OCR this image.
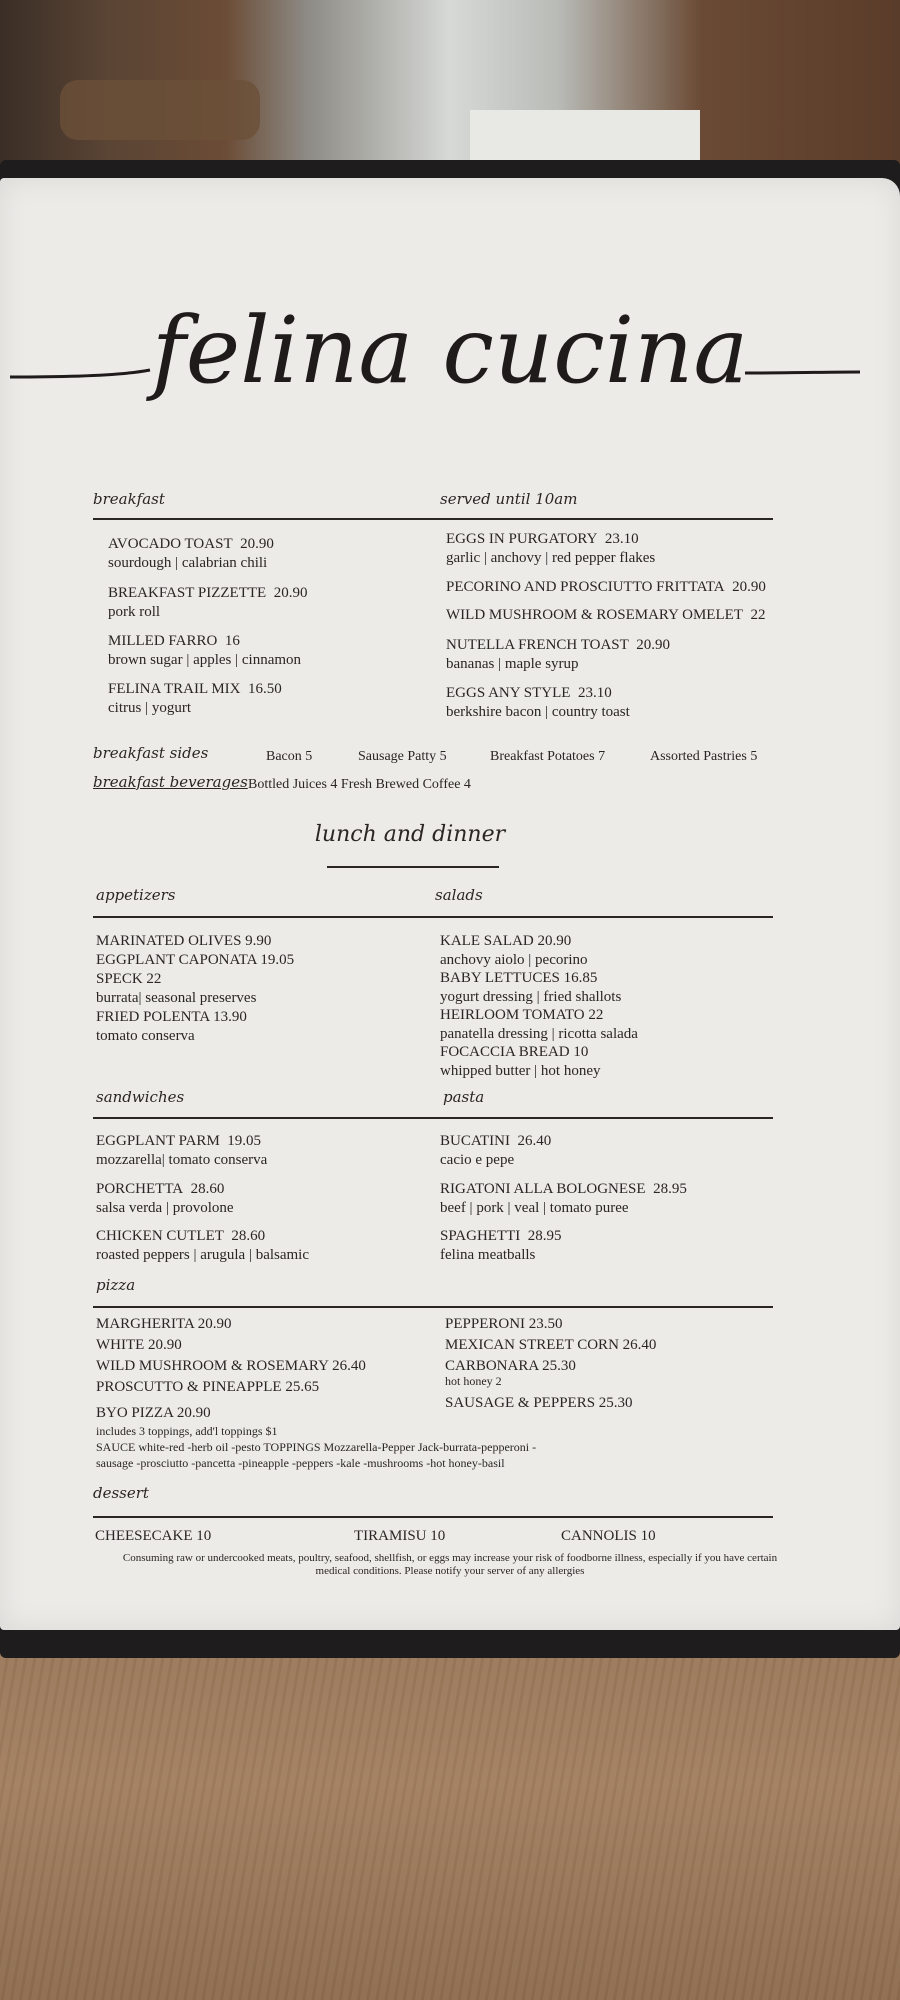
felina cucina
breakfast	served until 10am
AVOCADO TOAST 20.90
sourdough | calabrian chili
BREAKFAST PIZZETTE 20.90
pork roll
MILLED FARRO 16
brown sugar | apples | cinnamon
FELINA TRAIL MIX 16.50
citrus | yogurt
EGGS IN PURGATORY 23.10
garlic | anchovy | red pepper flakes
PECORINO AND PROSCIUTTO FRITTATA 20.90
WILD MUSHROOM & ROSEMARY OMELET 22
NUTELLA FRENCH TOAST 20.90
bananas | maple syrup
EGGS ANY STYLE 23.10
berkshire bacon | country toast
breakfast sides	Bacon 5	Sausage Patty 5	Breakfast Potatoes 7	Assorted Pastries 5
breakfast beverages Bottled Juices 4 Fresh Brewed Coffee 4
lunch and dinner
appetizers	salads
MARINATED OLIVES 9.90
EGGPLANT CAPONATA 19.05
SPECK 22
burrata| seasonal preserves
FRIED POLENTA 13.90
tomato conserva
KALE SALAD 20.90
anchovy aiolo | pecorino
BABY LETTUCES 16.85
yogurt dressing | fried shallots
HEIRLOOM TOMATO 22
panatella dressing | ricotta salada
FOCACCIA BREAD 10
whipped butter | hot honey
sandwiches	pasta
EGGPLANT PARM 19.05
mozzarella| tomato conserva
PORCHETTA 28.60
salsa verda | provolone
CHICKEN CUTLET 28.60
roasted peppers | arugula | balsamic
BUCATINI 26.40
cacio e pepe
RIGATONI ALLA BOLOGNESE 28.95
beef | pork | veal | tomato puree
SPAGHETTI 28.95
felina meatballs
pizza
MARGHERITA 20.90
WHITE 20.90
WILD MUSHROOM & ROSEMARY 26.40
PROSCUTTO & PINEAPPLE 25.65
PEPPERONI 23.50
MEXICAN STREET CORN 26.40
CARBONARA 25.30
hot honey 2
SAUSAGE & PEPPERS 25.30
BYO PIZZA 20.90
includes 3 toppings, add'l toppings $1
SAUCE white-red -herb oil -pesto TOPPINGS Mozzarella-Pepper Jack-burrata-pepperoni -
sausage -prosciutto -pancetta -pineapple -peppers -kale -mushrooms -hot honey-basil
dessert
CHEESECAKE 10	TIRAMISU 10	CANNOLIS 10
Consuming raw or undercooked meats, poultry, seafood, shellfish, or eggs may increase your risk of foodborne illness, especially if you have certain
medical conditions. Please notify your server of any allergies
